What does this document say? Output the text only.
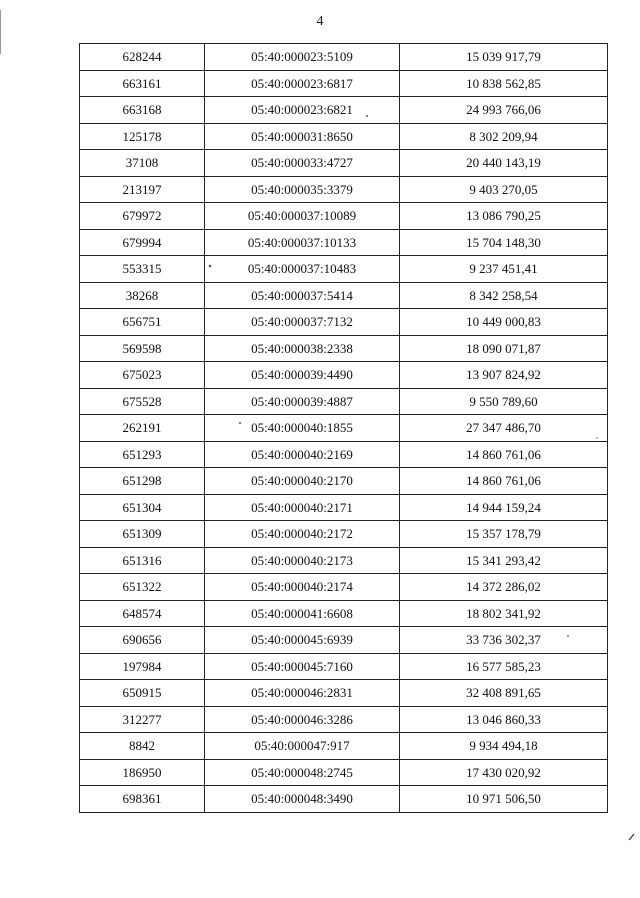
4
628244	05:40:000023:5109	15 039 917,79
663161	05:40:000023:6817	10 838 562,85
663168	05:40:000023:6821	24 993 766,06
125178	05:40:000031:8650	8 302 209,94
37108	05:40:000033:4727	20 440 143,19
213197	05:40:000035:3379	9 403 270,05
679972	05:40:000037:10089	13 086 790,25
679994	05:40:000037:10133	15 704 148,30
553315	05:40:000037:10483	9 237 451,41
38268	05:40:000037:5414	8 342 258,54
656751	05:40:000037:7132	10 449 000,83
569598	05:40:000038:2338	18 090 071,87
675023	05:40:000039:4490	13 907 824,92
675528	05:40:000039:4887	9 550 789,60
262191	05:40:000040:1855	27 347 486,70
651293	05:40:000040:2169	14 860 761,06
651298	05:40:000040:2170	14 860 761,06
651304	05:40:000040:2171	14 944 159,24
651309	05:40:000040:2172	15 357 178,79
651316	05:40:000040:2173	15 341 293,42
651322	05:40:000040:2174	14 372 286,02
648574	05:40:000041:6608	18 802 341,92
690656	05:40:000045:6939	33 736 302,37
197984	05:40:000045:7160	16 577 585,23
650915	05:40:000046:2831	32 408 891,65
312277	05:40:000046:3286	13 046 860,33
8842	05:40:000047:917	9 934 494,18
186950	05:40:000048:2745	17 430 020,92
698361	05:40:000048:3490	10 971 506,50
